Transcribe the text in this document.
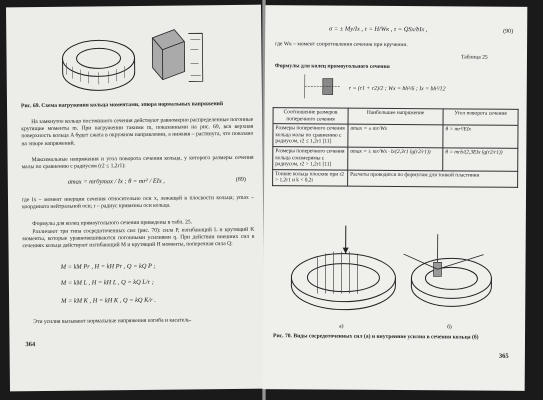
Рис. 69. Схема нагружения кольца моментами, эпюра нормальных напряжений
На замкнутое кольцо постоянного сечения действуют равномерно распределенные погонные крутящие моменты m. При нагружении такими m, показанными на рис. 69, вся верхняя поверхность кольца A будет сжата в окружном направлении, а нижняя – растянута, что показано на эпюре напряжений.
Максимальные напряжения и угол поворота сечения кольца, у которого размеры сечения малы по сравнению с радиусом (r2 ≤ 1,2r1):
σmax = mr0ymax / Ix ; θ = mr² / EIx ,	(89)
где Ix – момент инерции сечения относительно оси x, лежащей в плоскости кольца; ymax – координата нейтральной оси; r – радиус кривизны оси кольца.
Формулы для колец прямоугольного сечения приведены в табл. 25.
Различают три типа сосредоточенных сил (рис. 70): сила P, изгибающий L и крутящий K моменты, которые уравновешиваются погонными усилиями q. При действии внешних сил в сечениях кольца действуют изгибающий M и крутящий H моменты, поперечная сила Q:
M = kM Pr , H = kH Pr , Q = kQ P ;
M = kM L , H = kH L , Q = kQ L/r ;
M = kM K , H = kH K , Q = kQ K/r .
Эти усилия вызывают нормальные напряжения изгиба и касатель-
364
σ = ± My/Ix , τ = H/Wк , τ = QSx/bIx ,	(90)
где Wк – момент сопротивления сечения при кручении.
Таблица 25
Формулы для колец прямоугольного сечения
r = (r1 + r2)/2 ; Wx = bh²/6 ; Ix = bh³/12
Соотношение размеров поперечного сечения	Наибольшее напряжение	Угол поворота сечения
Размеры поперечного сечения кольца малы по сравнению с радиусом, r2 ≤ 1,2r1 [11]	σmax = ± mr/Wx	θ = mr²/EIx
Размеры поперечного сечения кольца соизмеримы с радиусом, r2 > 1,2r1 [11]	σmax = ± mr/Wx · b/(2,3r1 lg(r2/r1))	θ = mrb/(2,3EIx lg(r2/r1))
Тонкие кольца плоские при r2 > 1,2r1 и k < 0,2t	Расчеты проводятся по формулам для тонкой пластинки	
а)	б)
Рис. 70. Виды сосредоточенных сил (а) и внутренние усилия в сечении кольца (б)
365
